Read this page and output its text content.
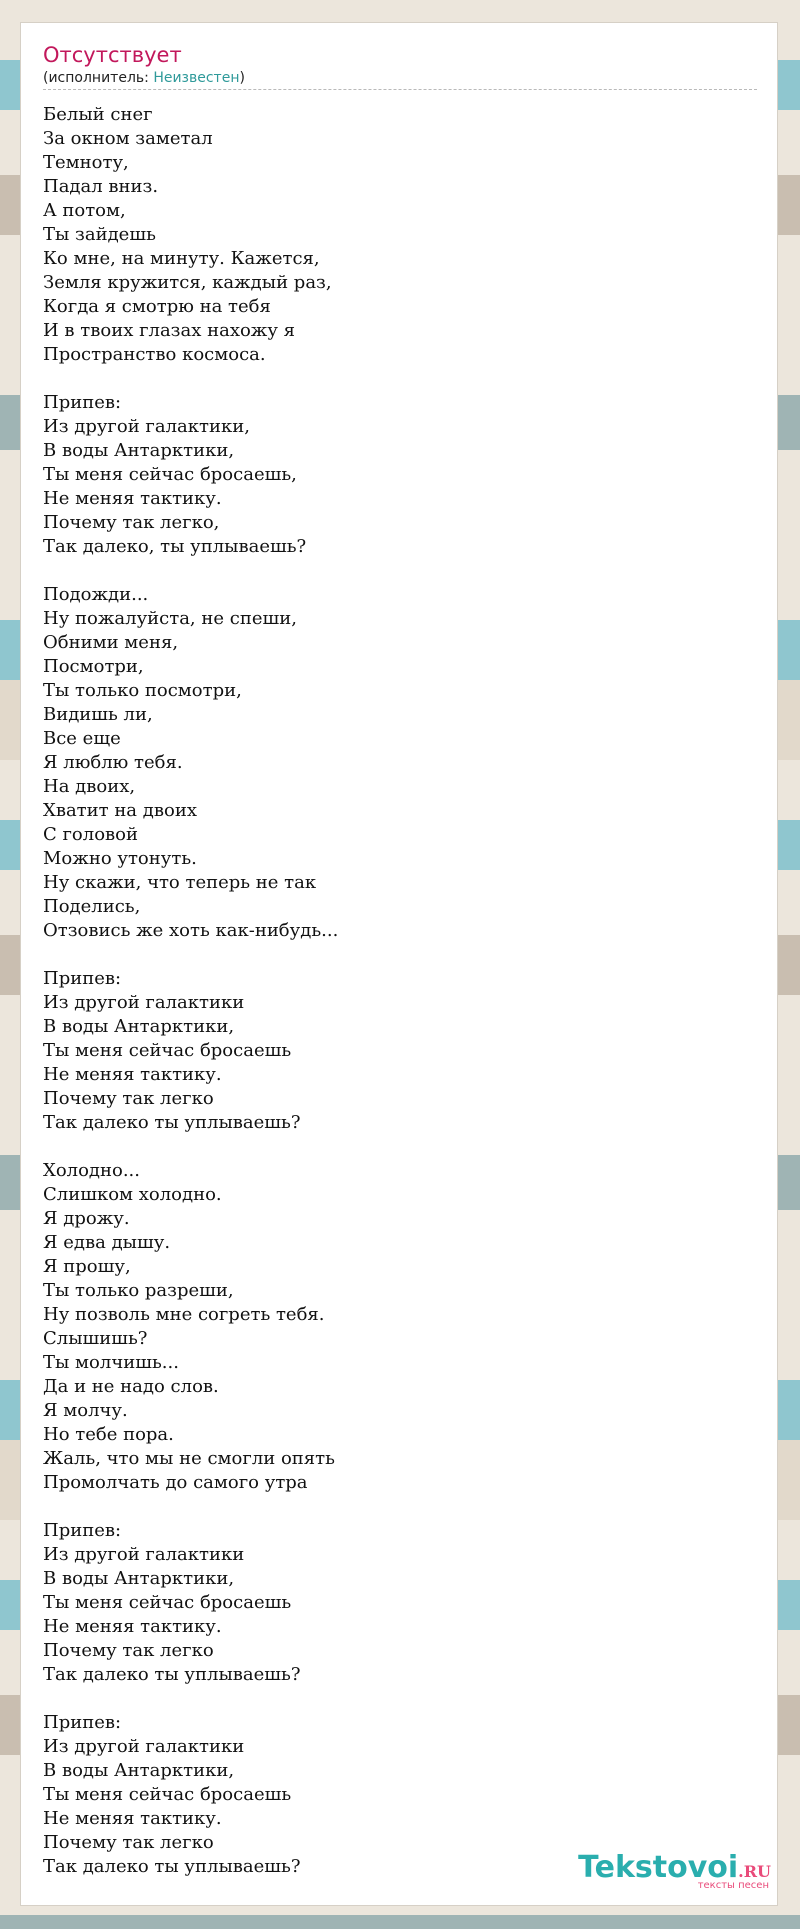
Отсутствует
(исполнитель: Неизвестен)
Белый снег
За окном заметал
Темноту,
Падал вниз.
А потом,
Ты зайдешь
Ко мне, на минуту. Кажется,
Земля кружится, каждый раз,
Когда я смотрю на тебя
И в твоих глазах нахожу я
Пространство космоса.
Припев:
Из другой галактики,
В воды Антарктики,
Ты меня сейчас бросаешь,
Не меняя тактику.
Почему так легко,
Так далеко, ты уплываешь?
Подожди...
Ну пожалуйста, не спеши,
Обними меня,
Посмотри,
Ты только посмотри,
Видишь ли,
Все еще
Я люблю тебя.
На двоих,
Хватит на двоих
С головой
Можно утонуть.
Ну скажи, что теперь не так
Поделись,
Отзовись же хоть как-нибудь...
Припев:
Из другой галактики
В воды Антарктики,
Ты меня сейчас бросаешь
Не меняя тактику.
Почему так легко
Так далеко ты уплываешь?
Холодно...
Слишком холодно.
Я дрожу.
Я едва дышу.
Я прошу,
Ты только разреши,
Ну позволь мне согреть тебя.
Слышишь?
Ты молчишь...
Да и не надо слов.
Я молчу.
Но тебе пора.
Жаль, что мы не смогли опять
Промолчать до самого утра
Припев:
Из другой галактики
В воды Антарктики,
Ты меня сейчас бросаешь
Не меняя тактику.
Почему так легко
Так далеко ты уплываешь?
Припев:
Из другой галактики
В воды Антарктики,
Ты меня сейчас бросаешь
Не меняя тактику.
Почему так легко
Так далеко ты уплываешь?	Tekstovoi.RU
тексты песен
